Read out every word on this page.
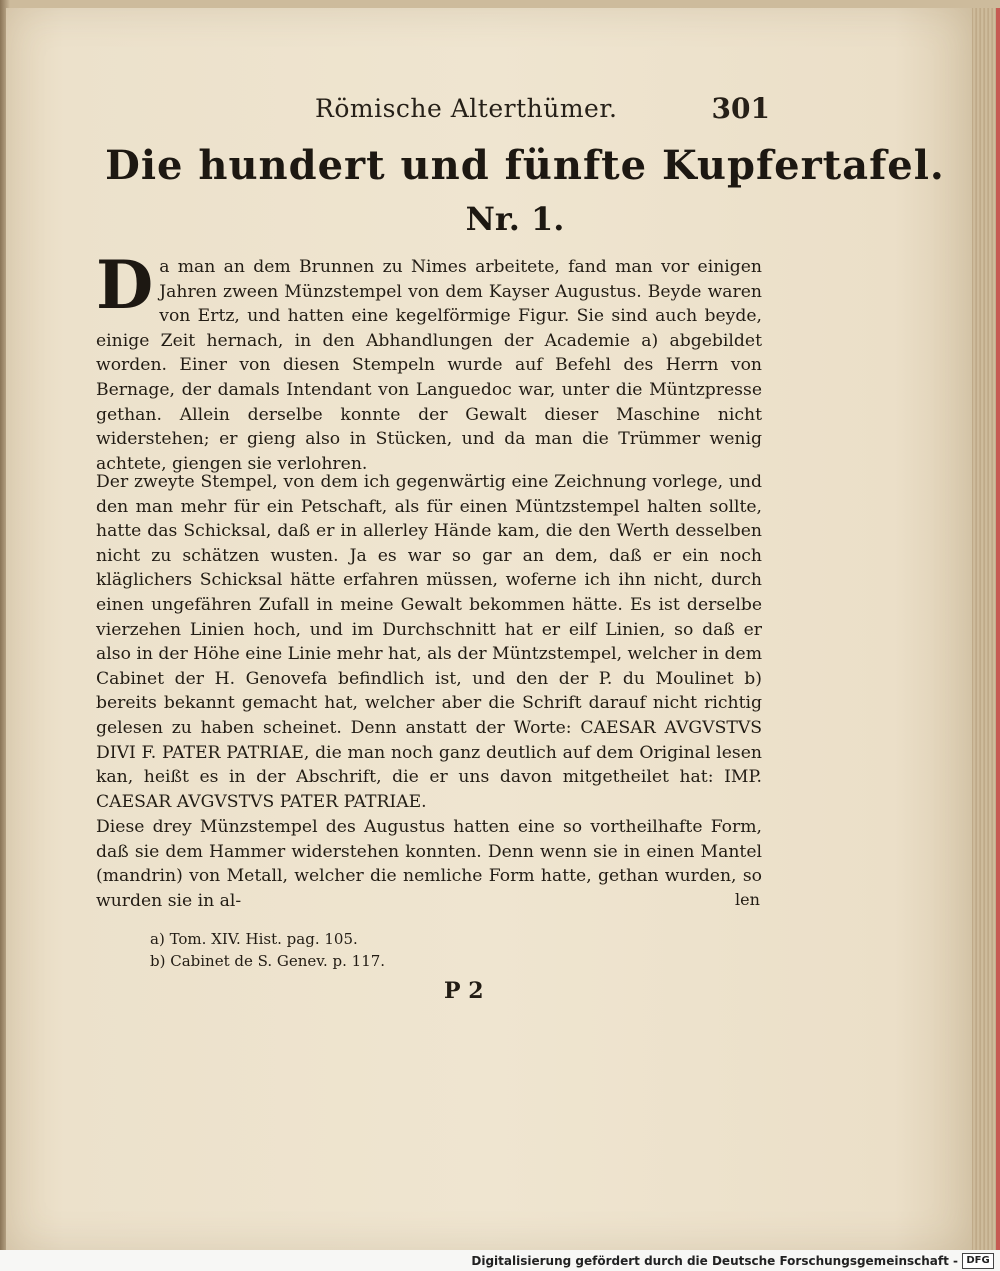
Römische Alterthümer.	301
Die hundert und fünfte Kupfertafel.
Nr. 1.

Da man an dem Brunnen zu Nimes arbeitete, fand man vor einigen Jahren zween Münzstempel von dem Kayser Augustus. Beyde waren von Ertz, und hatten eine kegelförmige Figur. Sie sind auch beyde, einige Zeit hernach, in den Abhandlungen der Academie a) abgebildet worden. Einer von diesen Stempeln wurde auf Befehl des Herrn von Bernage, der damals Intendant von Languedoc war, unter die Müntzpresse gethan. Allein derselbe konnte der Gewalt dieser Maschine nicht widerstehen; er gieng also in Stücken, und da man die Trümmer wenig achtete, giengen sie verlohren.

Der zweyte Stempel, von dem ich gegenwärtig eine Zeichnung vorlege, und den man mehr für ein Petschaft, als für einen Müntzstempel halten sollte, hatte das Schicksal, daß er in allerley Hände kam, die den Werth desselben nicht zu schätzen wusten. Ja es war so gar an dem, daß er ein noch kläglichers Schicksal hätte erfahren müssen, woferne ich ihn nicht, durch einen ungefähren Zufall in meine Gewalt bekommen hätte. Es ist derselbe vierzehen Linien hoch, und im Durchschnitt hat er eilf Linien, so daß er also in der Höhe eine Linie mehr hat, als der Müntzstempel, welcher in dem Cabinet der H. Genovefa befindlich ist, und den der P. du Moulinet b) bereits bekannt gemacht hat, welcher aber die Schrift darauf nicht richtig gelesen zu haben scheinet. Denn anstatt der Worte: CAESAR AVGVSTVS DIVI F. PATER PATRIAE, die man noch ganz deutlich auf dem Original lesen kan, heißt es in der Abschrift, die er uns davon mitgetheilet hat: IMP. CAESAR AVGVSTVS PATER PATRIAE.

Diese drey Münzstempel des Augustus hatten eine so vortheilhafte Form, daß sie dem Hammer widerstehen konnten. Denn wenn sie in einen Mantel (mandrin) von Metall, welcher die nemliche Form hatte, gethan wurden, so wurden sie in al-	len
a) Tom. XIV. Hist. pag. 105.
b) Cabinet de S. Genev. p. 117.
P 2
Digitalisierung gefördert durch die Deutsche Forschungsgemeinschaft - DFG
